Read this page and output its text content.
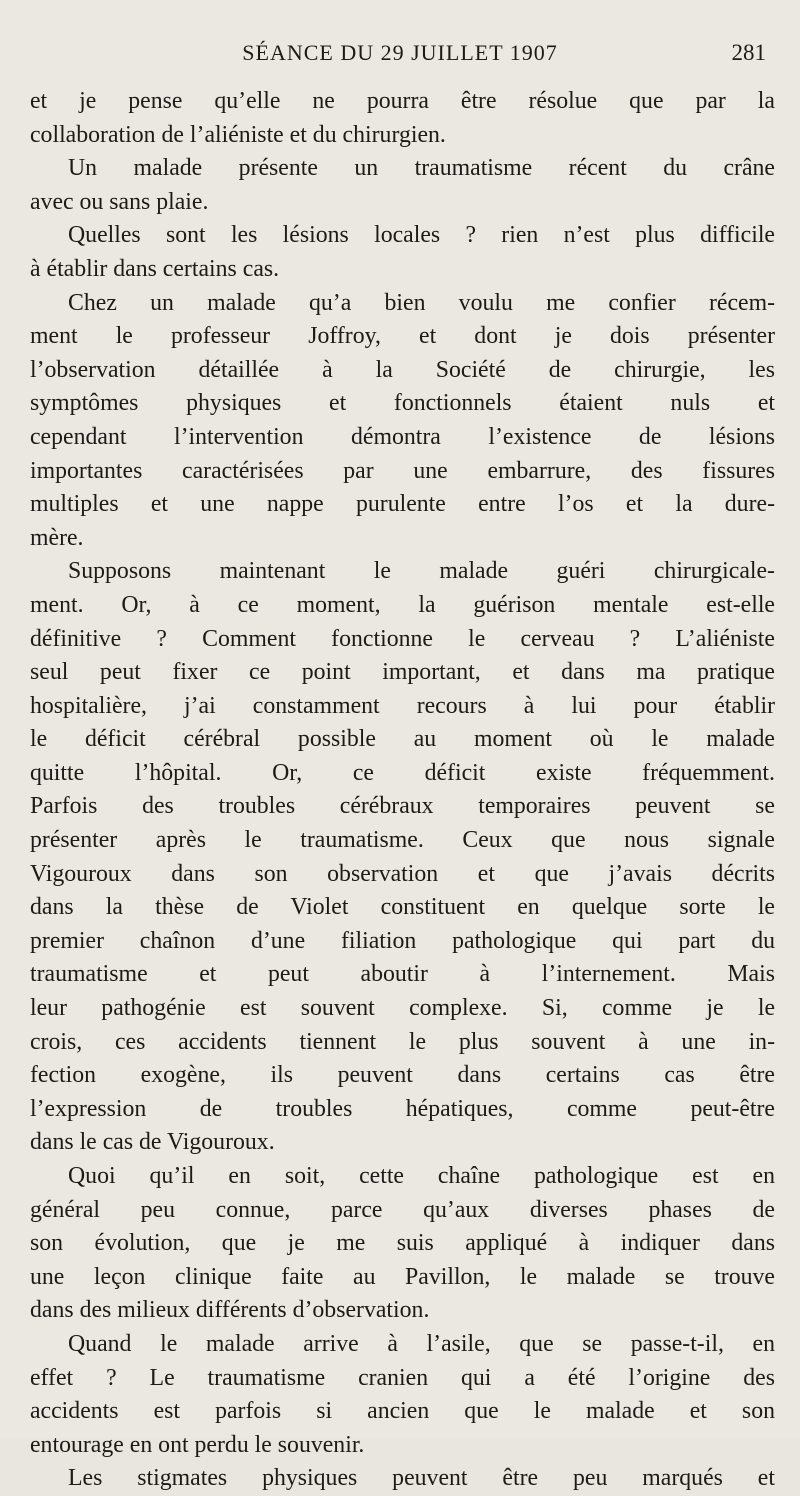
SÉANCE DU 29 JUILLET 1907	281
et je pense qu’elle ne pourra être résolue que par la
collaboration de l’aliéniste et du chirurgien.
Un malade présente un traumatisme récent du crâne
avec ou sans plaie.
Quelles sont les lésions locales ? rien n’est plus difficile
à établir dans certains cas.
Chez un malade qu’a bien voulu me confier récem-
ment le professeur Joffroy, et dont je dois présenter
l’observation détaillée à la Société de chirurgie, les
symptômes physiques et fonctionnels étaient nuls et
cependant l’intervention démontra l’existence de lésions
importantes caractérisées par une embarrure, des fissures
multiples et une nappe purulente entre l’os et la dure-
mère.
Supposons maintenant le malade guéri chirurgicale-
ment. Or, à ce moment, la guérison mentale est-elle
définitive ? Comment fonctionne le cerveau ? L’aliéniste
seul peut fixer ce point important, et dans ma pratique
hospitalière, j’ai constamment recours à lui pour établir
le déficit cérébral possible au moment où le malade
quitte l’hôpital. Or, ce déficit existe fréquemment.
Parfois des troubles cérébraux temporaires peuvent se
présenter après le traumatisme. Ceux que nous signale
Vigouroux dans son observation et que j’avais décrits
dans la thèse de Violet constituent en quelque sorte le
premier chaînon d’une filiation pathologique qui part du
traumatisme et peut aboutir à l’internement. Mais
leur pathogénie est souvent complexe. Si, comme je le
crois, ces accidents tiennent le plus souvent à une in-
fection exogène, ils peuvent dans certains cas être
l’expression de troubles hépatiques, comme peut-être
dans le cas de Vigouroux.
Quoi qu’il en soit, cette chaîne pathologique est en
général peu connue, parce qu’aux diverses phases de
son évolution, que je me suis appliqué à indiquer dans
une leçon clinique faite au Pavillon, le malade se trouve
dans des milieux différents d’observation.
Quand le malade arrive à l’asile, que se passe-t-il, en
effet ? Le traumatisme cranien qui a été l’origine des
accidents est parfois si ancien que le malade et son
entourage en ont perdu le souvenir.
Les stigmates physiques peuvent être peu marqués et
